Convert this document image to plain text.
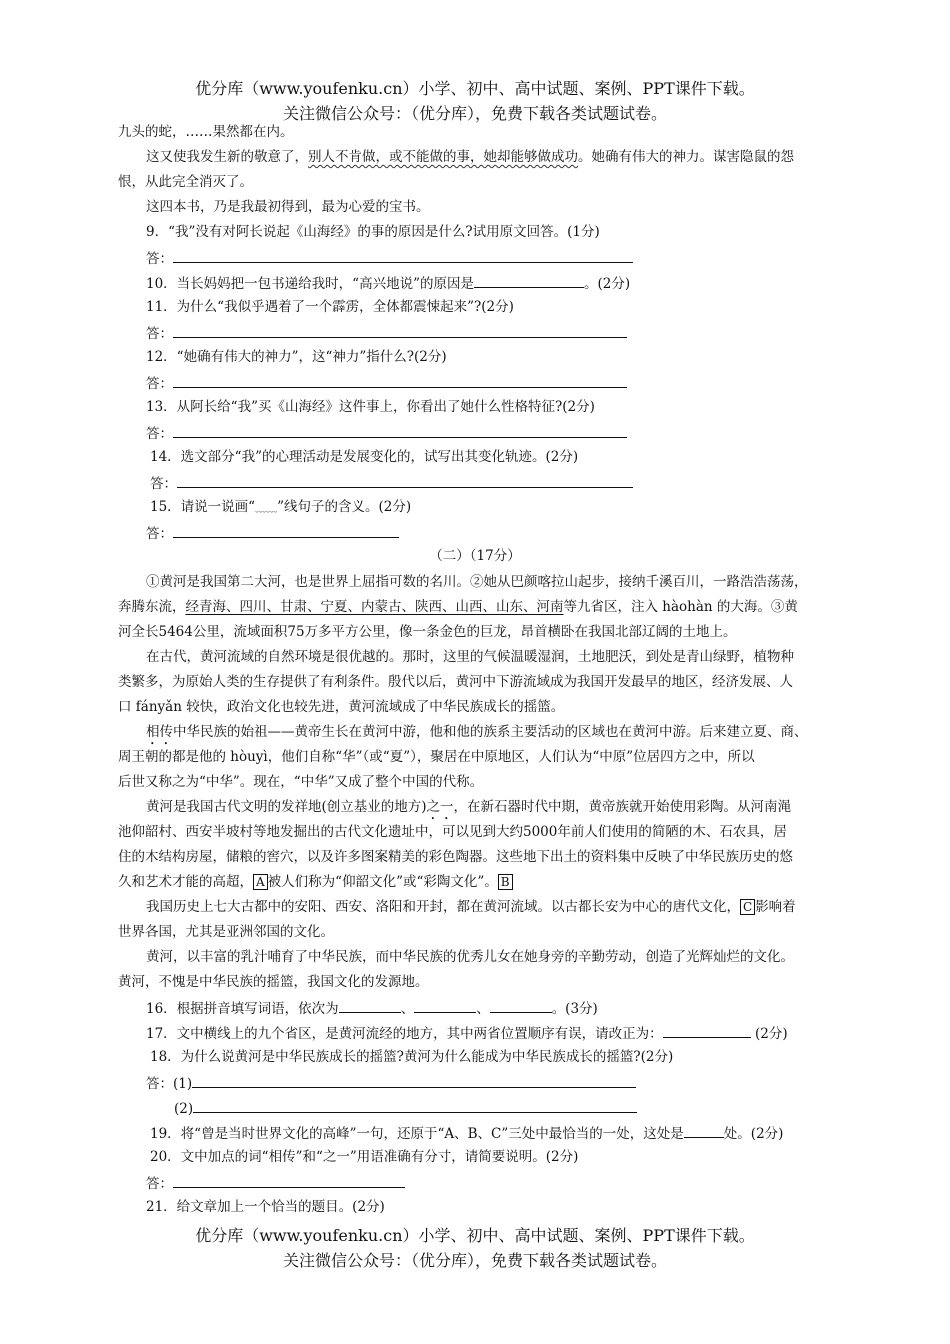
优分库（www.youfenku.cn）小学、初中、高中试题、案例、PPT课件下载。
关注微信公众号：（优分库），免费下载各类试题试卷。
九头的蛇，……果然都在内。
这又使我发生新的敬意了，别人不肯做，或不能做的事，她却能够做成功。她确有伟大的神力。谋害隐鼠的怨
恨，从此完全消灭了。
这四本书，乃是我最初得到，最为心爱的宝书。
9．“我”没有对阿长说起《山海经》的事的原因是什么?试用原文回答。(1分)
答：
10．当长妈妈把一包书递给我时，“高兴地说”的原因是	。(2分)
11．为什么“我似乎遇着了一个霹雳，全体都震悚起来”?(2分)
答：
12．“她确有伟大的神力”，这“神力”指什么?(2分)
答：
13．从阿长给“我”买《山海经》这件事上，你看出了她什么性格特征?(2分)
答：
14．选文部分“我”的心理活动是发展变化的，试写出其变化轨迹。(2分)
答：
15．请说一说画“﹏﹏”线句子的含义。(2分)
答：
（二）（17分）
①黄河是我国第二大河，也是世界上屈指可数的名川。②她从巴颜喀拉山起步，接纳千溪百川，一路浩浩荡荡，
奔腾东流，经青海、四川、甘肃、宁夏、内蒙古、陕西、山西、山东、河南等九省区，注入 hàohàn 的大海。③黄
河全长5464公里，流域面积75万多平方公里，像一条金色的巨龙，昂首横卧在我国北部辽阔的土地上。
在古代，黄河流域的自然环境是很优越的。那时，这里的气候温暖湿润，土地肥沃，到处是青山绿野，植物种
类繁多，为原始人类的生存提供了有利条件。殷代以后，黄河中下游流域成为我国开发最早的地区，经济发展、人
口 fányǎn 较快，政治文化也较先进，黄河流域成了中华民族成长的摇篮。
相传中华民族的始祖——黄帝生长在黄河中游，他和他的族系主要活动的区域也在黄河中游。后来建立夏、商、
周王朝的都是他的 hòuyì，他们自称“华”（或“夏”），聚居在中原地区，人们认为“中原”位居四方之中，所以
后世又称之为“中华”。现在，“中华”又成了整个中国的代称。
黄河是我国古代文明的发祥地(创立基业的地方)之一，在新石器时代中期，黄帝族就开始使用彩陶。从河南渑
池仰韶村、西安半坡村等地发掘出的古代文化遗址中，可以见到大约5000年前人们使用的简陋的木、石农具，居
住的木结构房屋，储粮的窖穴，以及许多图案精美的彩色陶器。这些地下出土的资料集中反映了中华民族历史的悠
久和艺术才能的高超， A 被人们称为“仰韶文化”或“彩陶文化”。 B
我国历史上七大古都中的安阳、西安、洛阳和开封，都在黄河流域。以古都长安为中心的唐代文化， C 影响着
世界各国，尤其是亚洲邻国的文化。
黄河，以丰富的乳汁哺育了中华民族，而中华民族的优秀儿女在她身旁的辛勤劳动，创造了光辉灿烂的文化。
黄河，不愧是中华民族的摇篮，我国文化的发源地。
16．根据拼音填写词语，依次为	、	、	。(3分)
17．文中横线上的九个省区，是黄河流经的地方，其中两省位置顺序有误，请改正为：	(2分)
18．为什么说黄河是中华民族成长的摇篮?黄河为什么能成为中华民族成长的摇篮?(2分)
答：(1)
(2)
19．将“曾是当时世界文化的高峰”一句，还原于“A、B、C”三处中最恰当的一处，这处是	处。(2分)
20．文中加点的词“相传”和“之一”用语准确有分寸，请简要说明。(2分)
答：
21．给文章加上一个恰当的题目。(2分)
优分库（www.youfenku.cn）小学、初中、高中试题、案例、PPT课件下载。
关注微信公众号：（优分库），免费下载各类试题试卷。
